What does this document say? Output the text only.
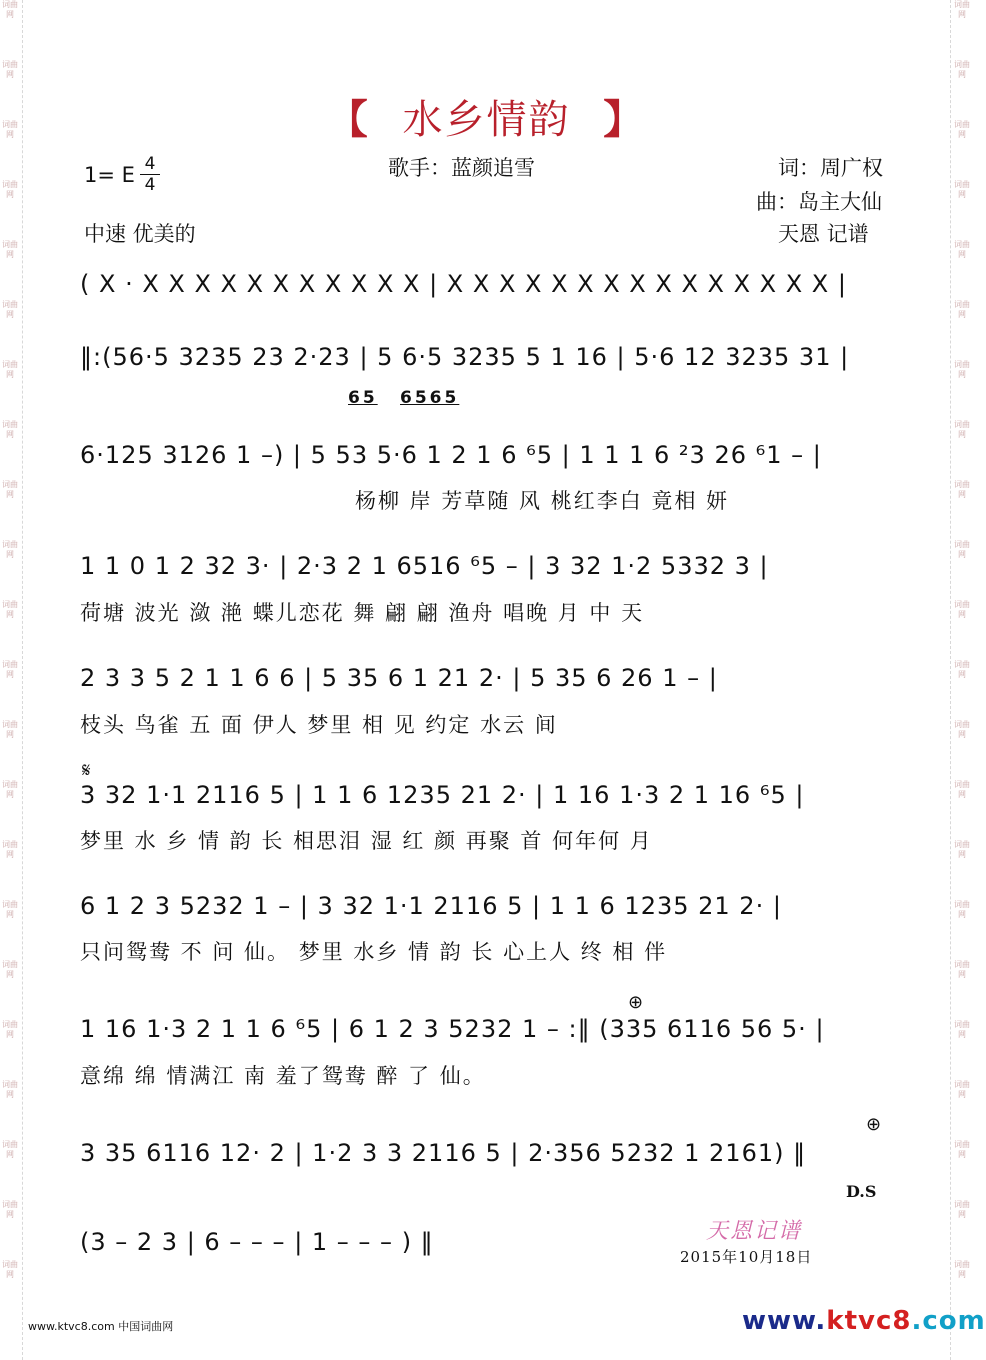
词曲网
词曲网
词曲网
词曲网
词曲网
词曲网
词曲网
词曲网
词曲网
词曲网
词曲网
词曲网
词曲网
词曲网
词曲网
词曲网
词曲网
词曲网
词曲网
词曲网
词曲网
词曲网
词曲网
词曲网
词曲网
词曲网
词曲网
词曲网
词曲网
词曲网
词曲网
词曲网
词曲网
词曲网
词曲网
词曲网
词曲网
词曲网
词曲网
词曲网
词曲网
词曲网
词曲网
词曲网
【 水乡情韵 】
1= E 4
4
歌手：蓝颜追雪	词：周广权
曲：岛主大仙
天恩 记谱
中速 优美的
( X · X X X X X X X X X X X | X X X X X X X X X X X X X X X |
‖:(56·5 3235 23 2·23 | 5 6·5 3235 5 1 16 | 5·6 12 3235 31 |
65 6565
6·125 3126 1 –) | 5 53 5·6 1 2 1 6 ⁶5 | 1 1 1 6 ²3 26 ⁶1 – |
杨柳 岸 芳草随 风 桃红李白 竟相 妍
1 1 0 1 2 32 3· | 2·3 2 1 6516 ⁶5 – | 3 32 1·2 5332 3 |
荷塘 波光 潋 滟 蝶儿恋花 舞 翩 翩 渔舟 唱晚 月 中 天
2 3 3 5 2 1 1 6 6 | 5 35 6 1 21 2· | 5 35 6 26 1 – |
枝头 鸟雀 五 面 伊人 梦里 相 见 约定 水云 间
𝄋
3 32 1·1 2116 5 | 1 1 6 1235 21 2· | 1 16 1·3 2 1 16 ⁶5 |
梦里 水 乡 情 韵 长 相思泪 湿 红 颜 再聚 首 何年何 月
6 1 2 3 5232 1 – | 3 32 1·1 2116 5 | 1 1 6 1235 21 2· |
只问鸳鸯 不 问 仙。 梦里 水乡 情 韵 长 心上人 终 相 伴
⊕
1 16 1·3 2 1 1 6 ⁶5 | 6 1 2 3 5232 1 – :‖ (335 6116 56 5· |
意绵 绵 情满江 南 羞了鸳鸯 醉 了 仙。
⊕
3 35 6116 12· 2 | 1·2 3 3 2116 5 | 2·356 5232 1 2161) ‖
D.S
(3 – 2 3 | 6 – – – | 1 – – – ) ‖	天恩记谱
2015年10月18日
www.ktvc8.com 中国词曲网	www.ktvc8.com
